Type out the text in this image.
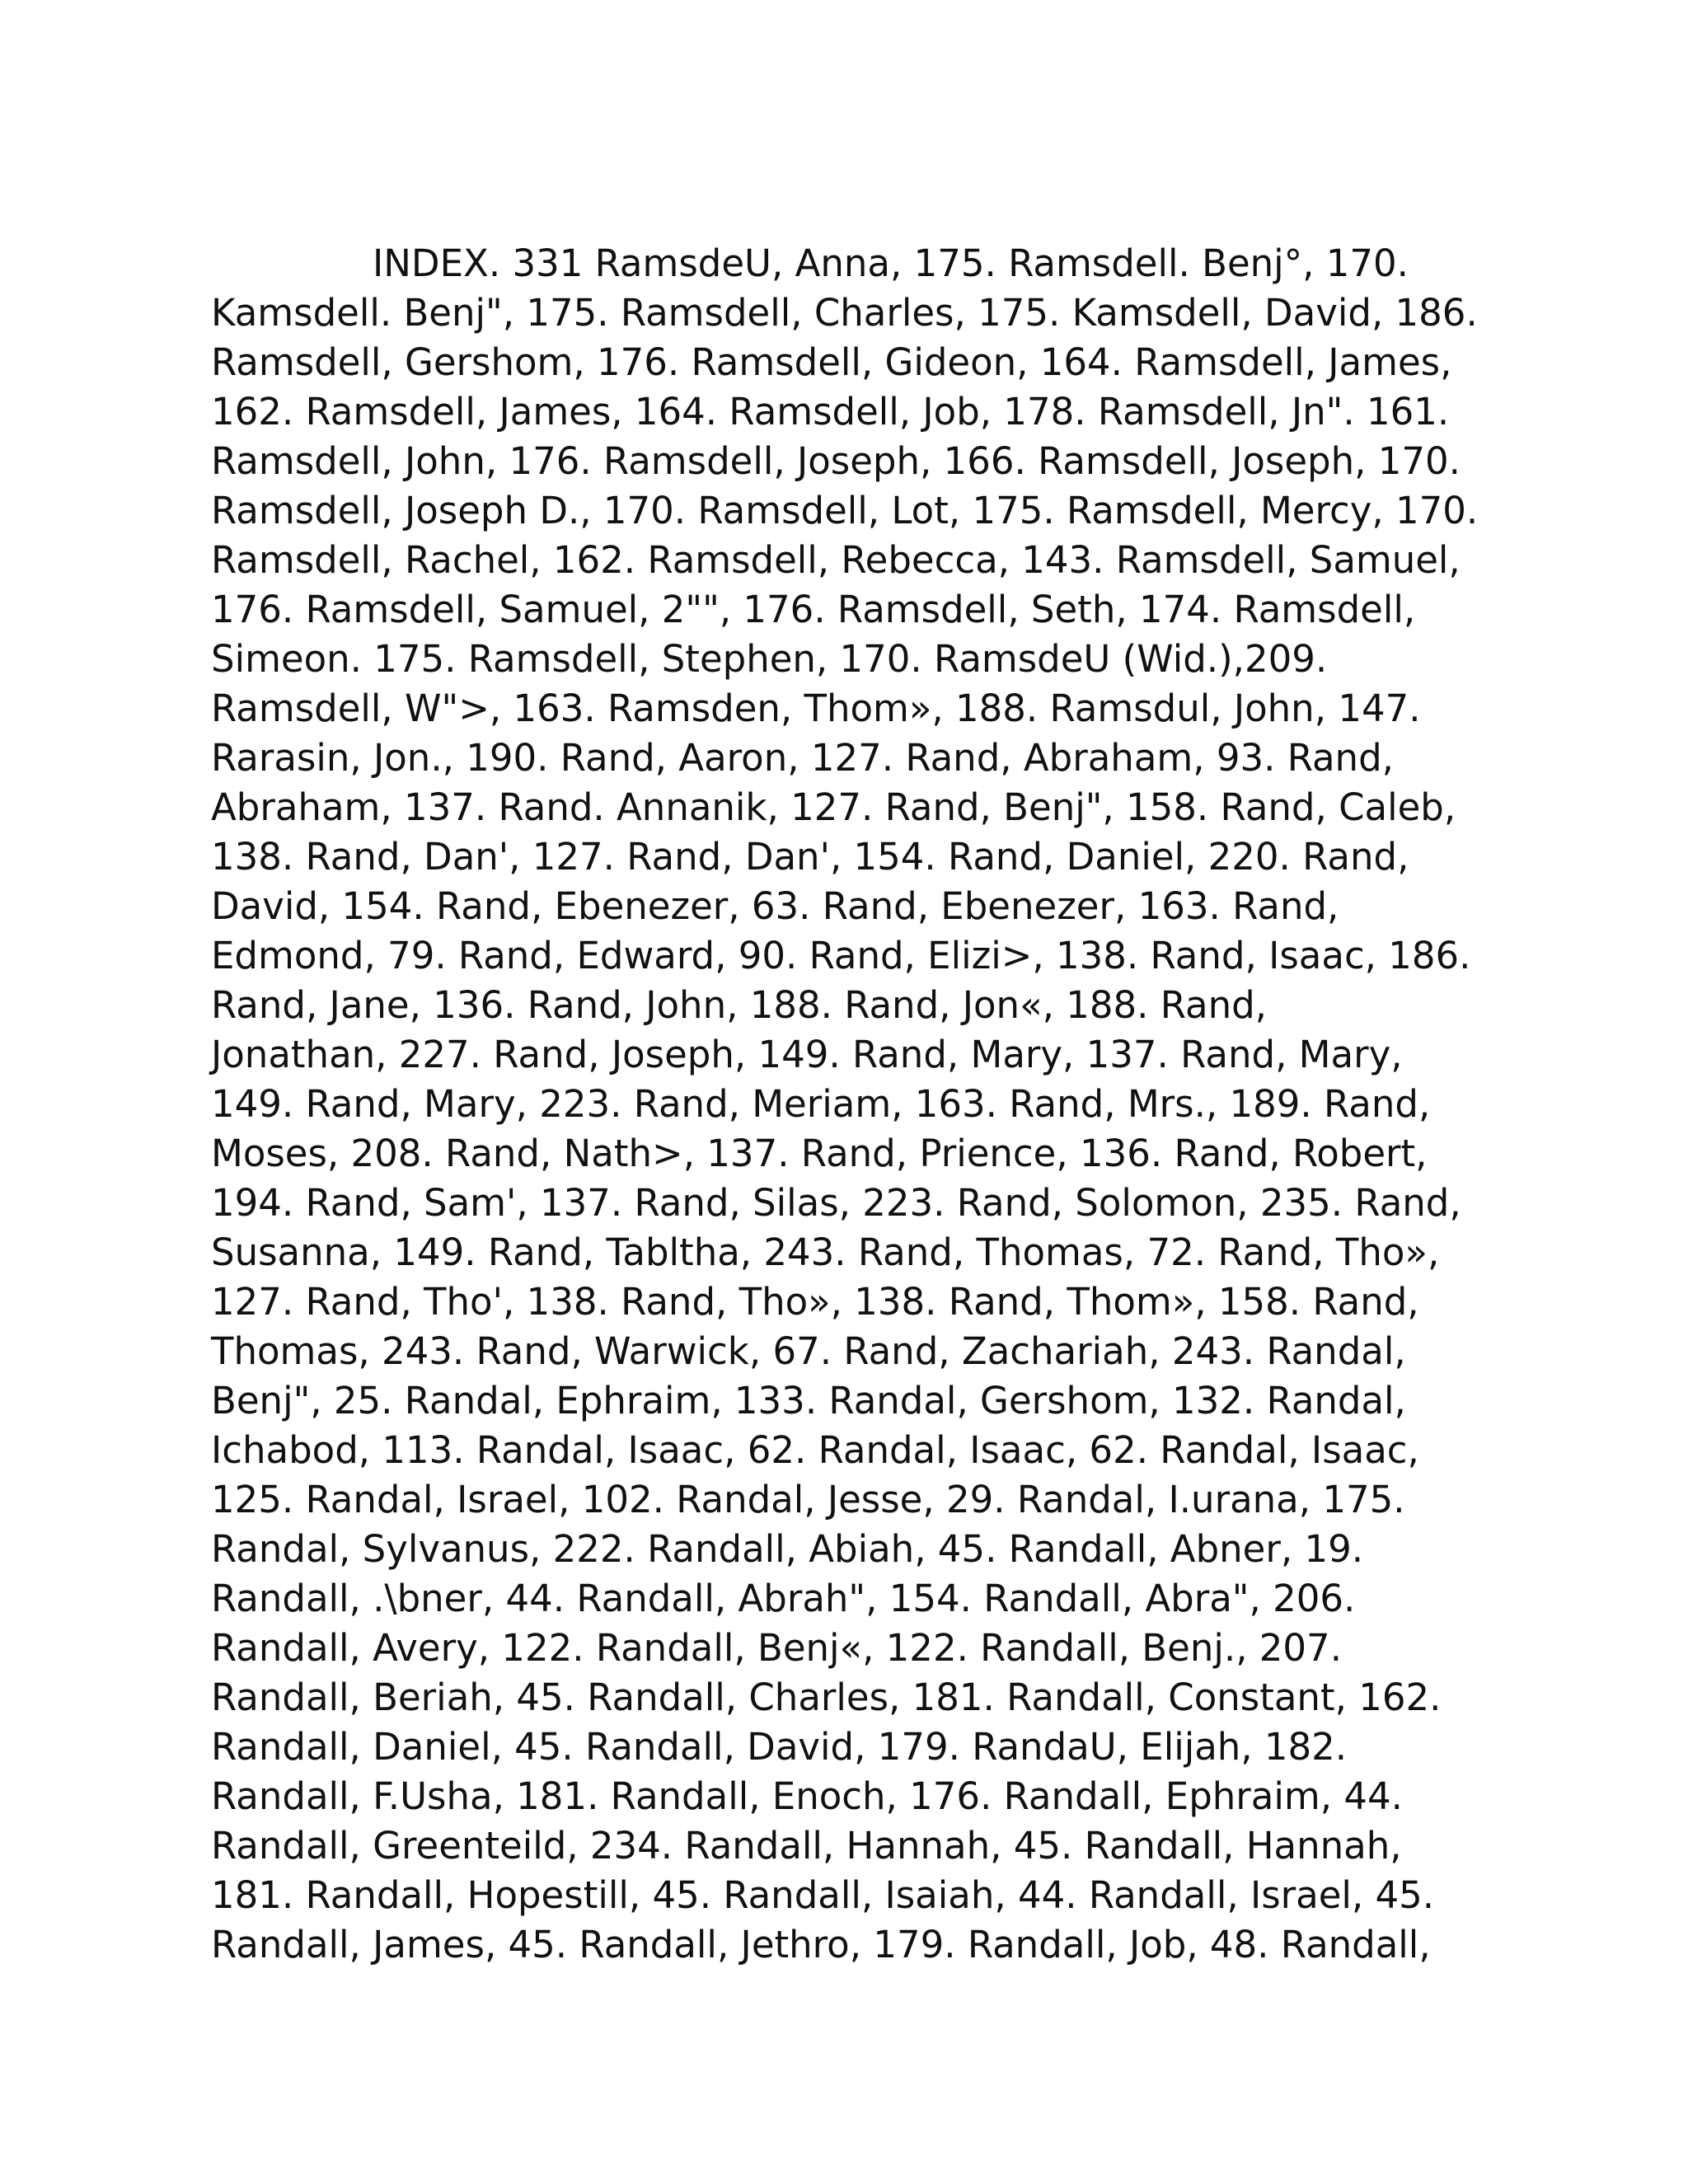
INDEX. 331 RamsdeU, Anna, 175. Ramsdell. Benj°, 170.
Kamsdell. Benj", 175. Ramsdell, Charles, 175. Kamsdell, David, 186.
Ramsdell, Gershom, 176. Ramsdell, Gideon, 164. Ramsdell, James,
162. Ramsdell, James, 164. Ramsdell, Job, 178. Ramsdell, Jn". 161.
Ramsdell, John, 176. Ramsdell, Joseph, 166. Ramsdell, Joseph, 170.
Ramsdell, Joseph D., 170. Ramsdell, Lot, 175. Ramsdell, Mercy, 170.
Ramsdell, Rachel, 162. Ramsdell, Rebecca, 143. Ramsdell, Samuel,
176. Ramsdell, Samuel, 2"", 176. Ramsdell, Seth, 174. Ramsdell,
Simeon. 175. Ramsdell, Stephen, 170. RamsdeU (Wid.),209.
Ramsdell, W">, 163. Ramsden, Thom», 188. Ramsdul, John, 147.
Rarasin, Jon., 190. Rand, Aaron, 127. Rand, Abraham, 93. Rand,
Abraham, 137. Rand. Annanik, 127. Rand, Benj", 158. Rand, Caleb,
138. Rand, Dan', 127. Rand, Dan', 154. Rand, Daniel, 220. Rand,
David, 154. Rand, Ebenezer, 63. Rand, Ebenezer, 163. Rand,
Edmond, 79. Rand, Edward, 90. Rand, Elizi>, 138. Rand, Isaac, 186.
Rand, Jane, 136. Rand, John, 188. Rand, Jon«, 188. Rand,
Jonathan, 227. Rand, Joseph, 149. Rand, Mary, 137. Rand, Mary,
149. Rand, Mary, 223. Rand, Meriam, 163. Rand, Mrs., 189. Rand,
Moses, 208. Rand, Nath>, 137. Rand, Prience, 136. Rand, Robert,
194. Rand, Sam', 137. Rand, Silas, 223. Rand, Solomon, 235. Rand,
Susanna, 149. Rand, Tabltha, 243. Rand, Thomas, 72. Rand, Tho»,
127. Rand, Tho', 138. Rand, Tho», 138. Rand, Thom», 158. Rand,
Thomas, 243. Rand, Warwick, 67. Rand, Zachariah, 243. Randal,
Benj", 25. Randal, Ephraim, 133. Randal, Gershom, 132. Randal,
Ichabod, 113. Randal, Isaac, 62. Randal, Isaac, 62. Randal, Isaac,
125. Randal, Israel, 102. Randal, Jesse, 29. Randal, I.urana, 175.
Randal, Sylvanus, 222. Randall, Abiah, 45. Randall, Abner, 19.
Randall, .\bner, 44. Randall, Abrah", 154. Randall, Abra", 206.
Randall, Avery, 122. Randall, Benj«, 122. Randall, Benj., 207.
Randall, Beriah, 45. Randall, Charles, 181. Randall, Constant, 162.
Randall, Daniel, 45. Randall, David, 179. RandaU, Elijah, 182.
Randall, F.Usha, 181. Randall, Enoch, 176. Randall, Ephraim, 44.
Randall, Greenteild, 234. Randall, Hannah, 45. Randall, Hannah,
181. Randall, Hopestill, 45. Randall, Isaiah, 44. Randall, Israel, 45.
Randall, James, 45. Randall, Jethro, 179. Randall, Job, 48. Randall,
